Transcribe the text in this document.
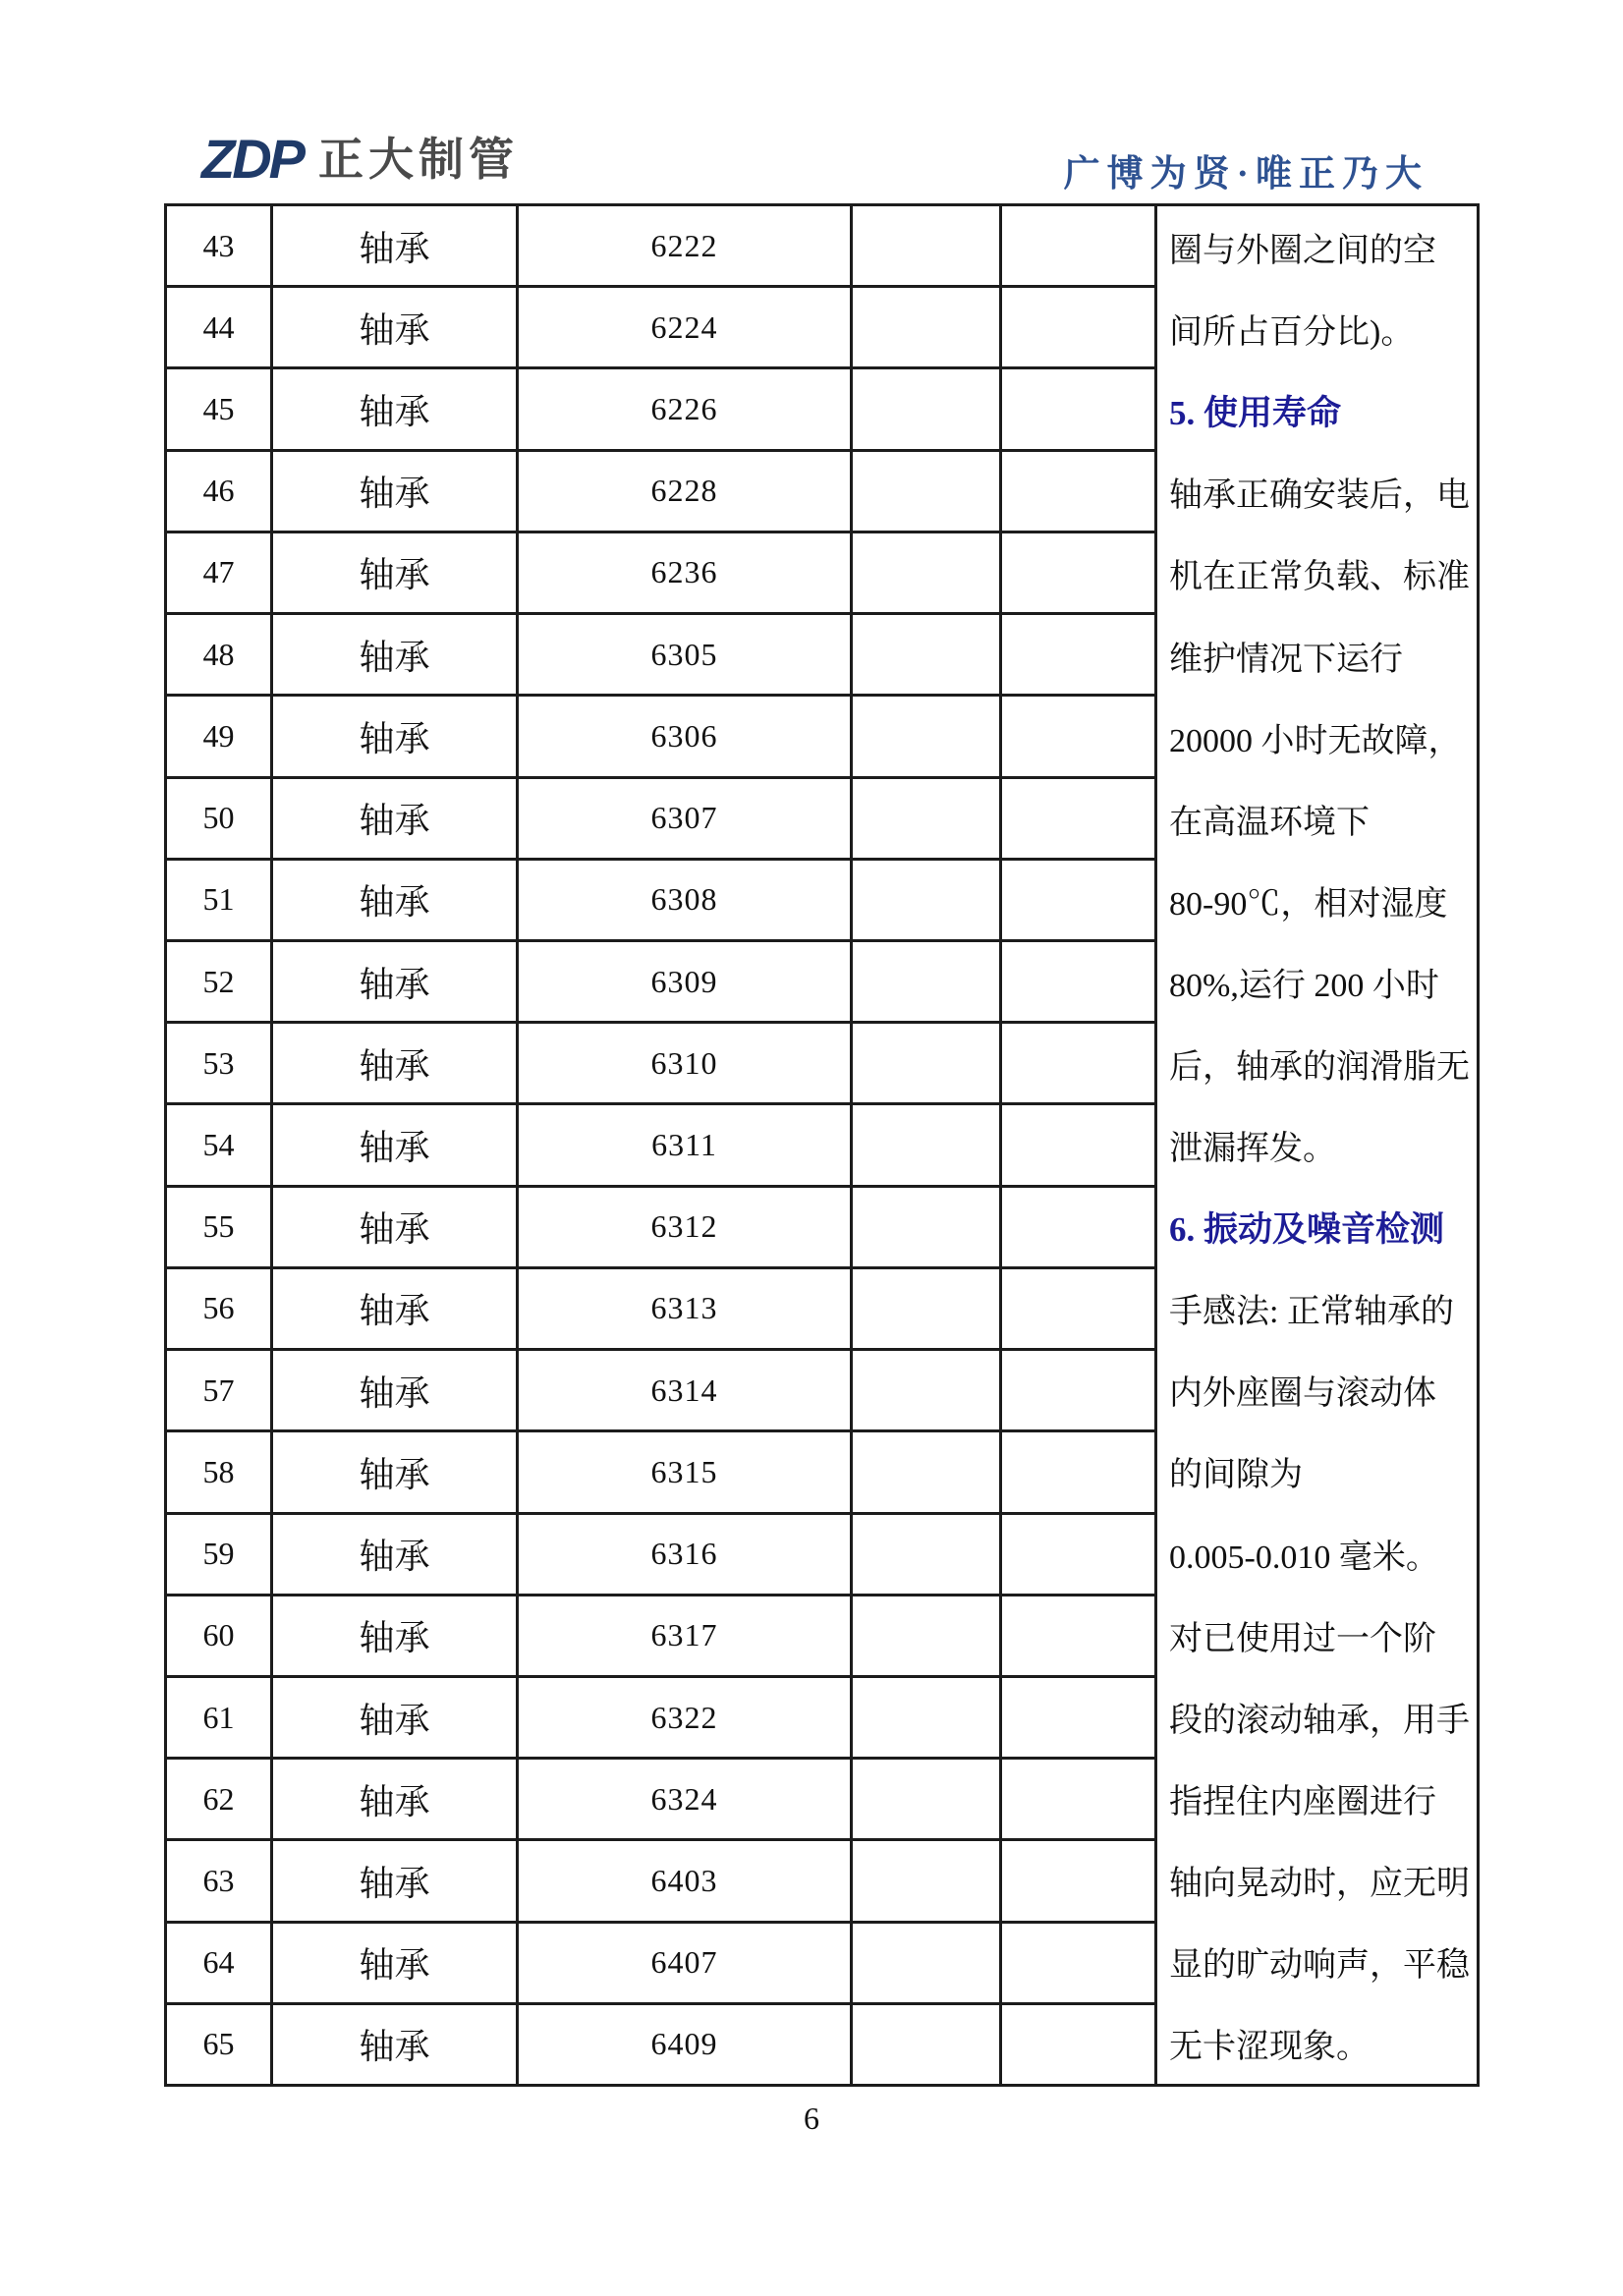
ZDP 正大制管	广博为贤·唯正乃大
43	轴承	6222			圈与外圈之间的空
间所占百分比)。
5. 使用寿命
轴承正确安装后，电
机在正常负载、标准
维护情况下运行
20000 小时无故障，
在高温环境下
80-90℃，相对湿度
80%,运行 200 小时
后，轴承的润滑脂无
泄漏挥发。
6. 振动及噪音检测
手感法: 正常轴承的
内外座圈与滚动体
的间隙为
0.005-0.010 毫米。
对已使用过一个阶
段的滚动轴承，用手
指捏住内座圈进行
轴向晃动时，应无明
显的旷动响声，平稳
无卡涩现象。

44	轴承	6224			
45	轴承	6226			
46	轴承	6228			
47	轴承	6236			
48	轴承	6305			
49	轴承	6306			
50	轴承	6307			
51	轴承	6308			
52	轴承	6309			
53	轴承	6310			
54	轴承	6311			
55	轴承	6312			
56	轴承	6313			
57	轴承	6314			
58	轴承	6315			
59	轴承	6316			
60	轴承	6317			
61	轴承	6322			
62	轴承	6324			
63	轴承	6403			
64	轴承	6407			
65	轴承	6409			
6
